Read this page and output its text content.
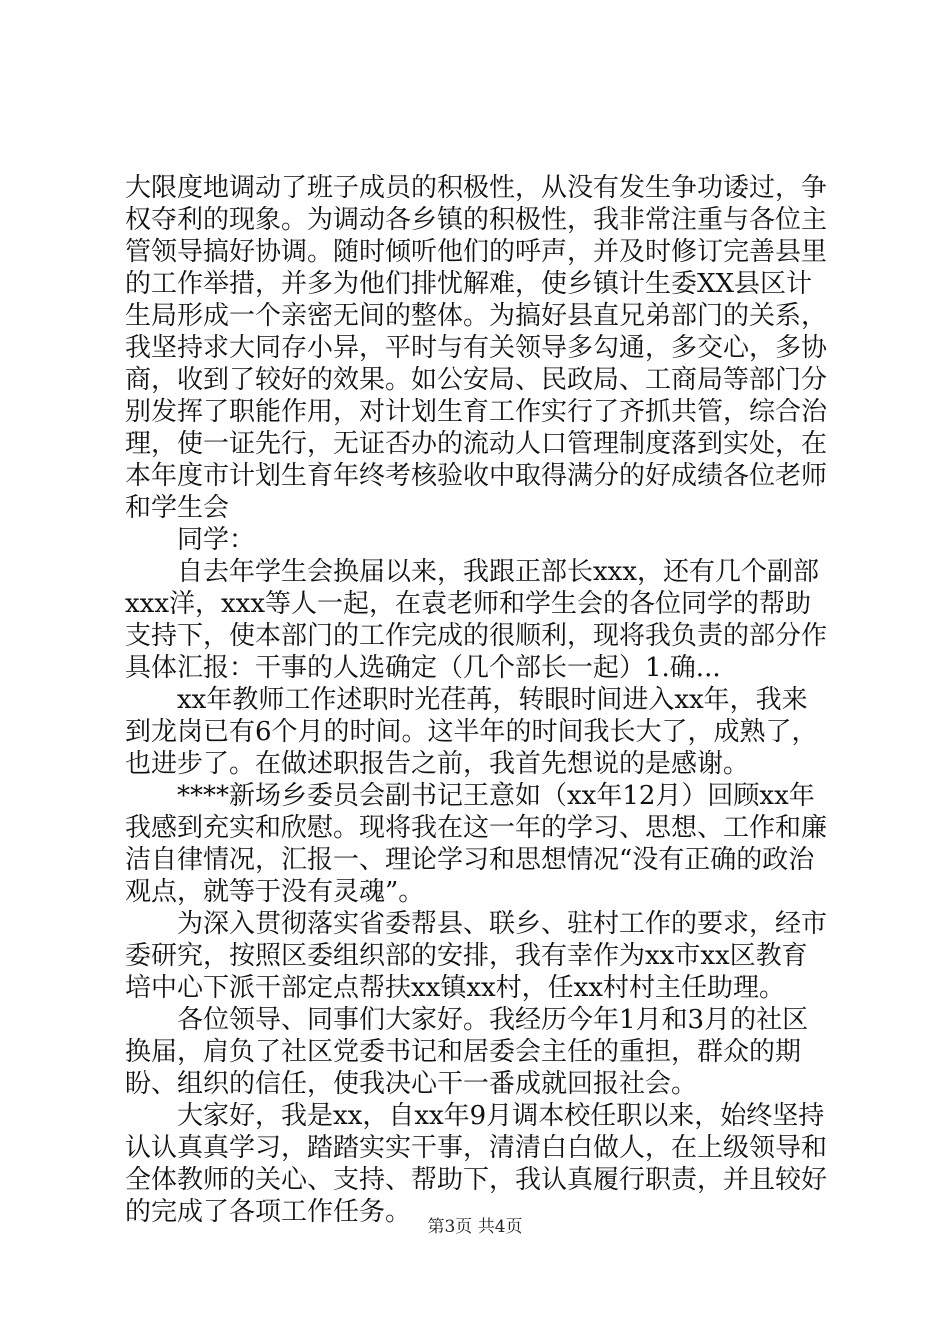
大限度地调动了班子成员的积极性，从没有发生争功诿过，争权夺利的现象。为调动各乡镇的积极性，我非常注重与各位主管领导搞好协调。随时倾听他们的呼声，并及时修订完善县里的工作举措，并多为他们排忧解难，使乡镇计生委XX县区计生局形成一个亲密无间的整体。为搞好县直兄弟部门的关系，我坚持求大同存小异，平时与有关领导多勾通，多交心，多协商，收到了较好的效果。如公安局、民政局、工商局等部门分别发挥了职能作用，对计划生育工作实行了齐抓共管，综合治理，使一证先行，无证否办的流动人口管理制度落到实处，在本年度市计划生育年终考核验收中取得满分的好成绩各位老师和学生会

同学：

自去年学生会换届以来，我跟正部长xxx，还有几个副部xxx洋，xxx等人一起，在袁老师和学生会的各位同学的帮助支持下，使本部门的工作完成的很顺利，现将我负责的部分作具体汇报：干事的人选确定（几个部长一起）1.确...

xx年教师工作述职时光荏苒，转眼时间进入xx年，我来到龙岗已有6个月的时间。这半年的时间我长大了，成熟了，也进步了。在做述职报告之前，我首先想说的是感谢。

****新场乡委员会副书记王意如（xx年12月）回顾xx年我感到充实和欣慰。现将我在这一年的学习、思想、工作和廉洁自律情况，汇报一、理论学习和思想情况“没有正确的政治观点，就等于没有灵魂”。

为深入贯彻落实省委帮县、联乡、驻村工作的要求，经市委研究，按照区委组织部的安排，我有幸作为xx市xx区教育培中心下派干部定点帮扶xx镇xx村，任xx村村主任助理。

各位领导、同事们大家好。我经历今年1月和3月的社区换届，肩负了社区党委书记和居委会主任的重担，群众的期盼、组织的信任，使我决心干一番成就回报社会。

大家好，我是xx，自xx年9月调本校任职以来，始终坚持认认真真学习，踏踏实实干事，清清白白做人，在上级领导和全体教师的关心、支持、帮助下，我认真履行职责，并且较好的完成了各项工作任务。 第3页 共4页
